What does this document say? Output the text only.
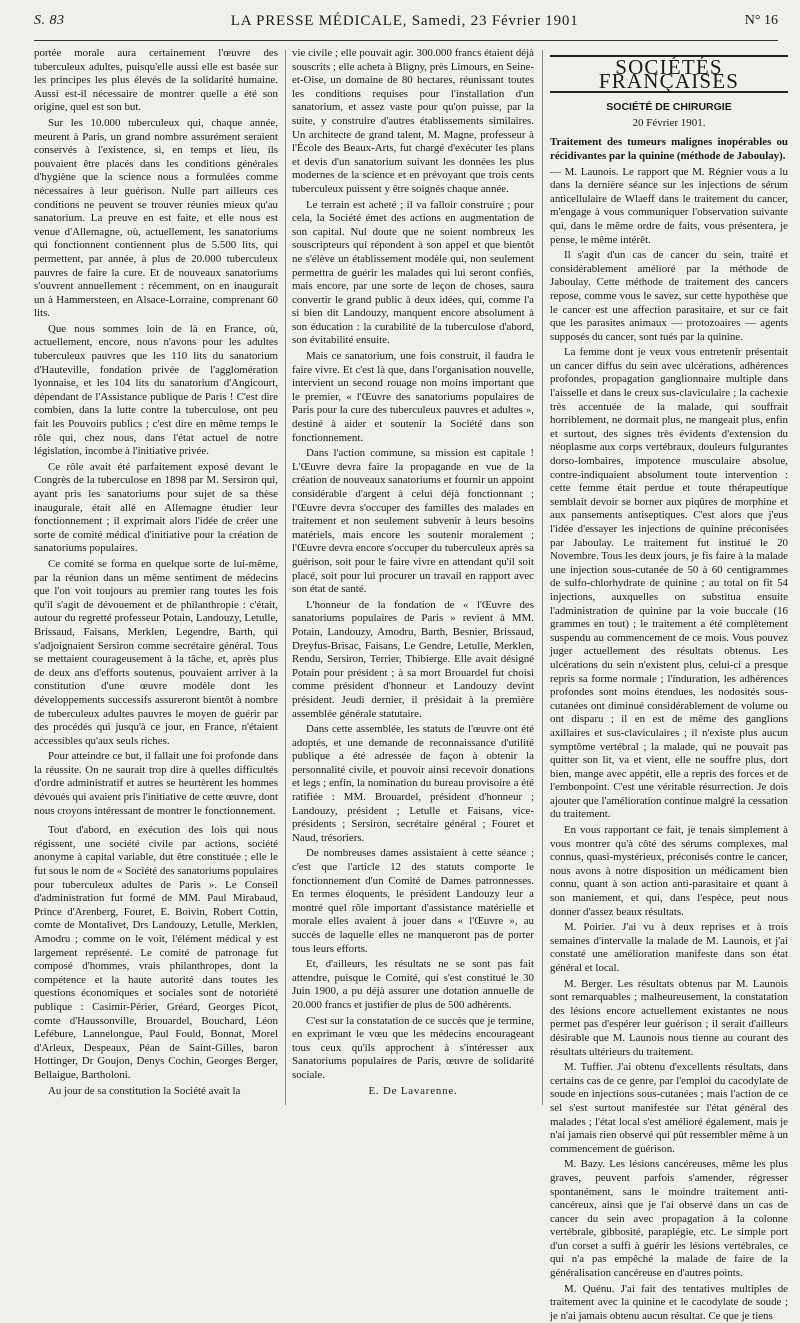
S. 83	LA PRESSE MÉDICALE, Samedi, 23 Février 1901	N° 16

portée morale aura certainement l'œuvre des tuberculeux adultes, puisqu'elle aussi elle est basée sur les principes les plus élevés de la solidarité humaine. Aussi est-il nécessaire de montrer quelle a été son origine, quel est son but.

Sur les 10.000 tuberculeux qui, chaque année, meurent à Paris, un grand nombre assurément seraient conservés à l'existence, si, en temps et lieu, ils pouvaient être placés dans les conditions générales d'hygiène que la science nous a formulées comme nécessaires à leur guérison. Nulle part ailleurs ces conditions ne peuvent se trouver réunies mieux qu'au sanatorium. La preuve en est faite, et elle nous est venue d'Allemagne, où, actuellement, les sanatoriums qui fonctionnent contiennent plus de 5.500 lits, qui permettent, par année, à plus de 20.000 tuberculeux pauvres de faire la cure. Et de nouveaux sanatoriums s'ouvrent annuellement : récemment, on en inaugurait un à Hammersteen, en Alsace-Lorraine, comprenant 60 lits.

Que nous sommes loin de là en France, où, actuellement, encore, nous n'avons pour les adultes tuberculeux pauvres que les 110 lits du sanatorium d'Hauteville, fondation privée de l'agglomération lyonnaise, et les 104 lits du sanatorium d'Angicourt, dépendant de l'Assistance publique de Paris ! C'est dire combien, dans la lutte contre la tuberculose, ont peu fait les Pouvoirs publics ; c'est dire en même temps le rôle qui, chez nous, dans l'état actuel de notre législation, incombe à l'initiative privée.

Ce rôle avait été parfaitement exposé devant le Congrès de la tuberculose en 1898 par M. Sersiron qui, ayant pris les sanatoriums pour sujet de sa thèse inaugurale, était allé en Allemagne étudier leur fonctionnement ; il exprimait alors l'idée de créer une sorte de comité médical d'initiative pour la création de sanatoriums populaires.

Ce comité se forma en quelque sorte de lui-même, par la réunion dans un même sentiment de médecins que l'on voit toujours au premier rang toutes les fois qu'il s'agit de dévouement et de philanthropie : c'était, autour du regretté professeur Potain, Landouzy, Letulle, Brissaud, Faisans, Merklen, Legendre, Barth, qui s'adjoignaient Sersiron comme secrétaire général. Tous se mettaient courageusement à la tâche, et, après plus de deux ans d'efforts soutenus, pouvaient arriver à la constitution d'une œuvre modèle dont les développements successifs assureront bientôt à nombre de tuberculeux adultes pauvres le moyen de guérir par des procédés qui jusqu'à ce jour, en France, n'étaient accessibles qu'aux seuls riches.

Pour atteindre ce but, il fallait une foi profonde dans la réussite. On ne saurait trop dire à quelles difficultés d'ordre administratif et autres se heurtèrent les hommes dévoués qui avaient pris l'initiative de cette œuvre, dont nous croyons intéressant de montrer le fonctionnement.

Tout d'abord, en exécution des lois qui nous régissent, une société civile par actions, société anonyme à capital variable, dut être constituée ; elle le fut sous le nom de « Société des sanatoriums populaires pour tuberculeux adultes de Paris ». Le Conseil d'administration fut formé de MM. Paul Mirabaud, Prince d'Arenberg, Fouret, E. Boivin, Robert Cottin, comte de Montalivet, Drs Landouzy, Letulle, Merklen, Amodru ; comme on le voit, l'élément médical y est largement représenté. Le comité de patronage fut composé d'hommes, vrais philanthropes, dont la compétence et la haute autorité dans toutes les questions économiques et sociales sont de notoriété publique : Casimir-Périer, Gréard, Georges Picot, comte d'Haussonville, Brouardel, Bouchard, Léon Lefébure, Lannelongue, Paul Fould, Bonnat, Morel d'Arleux, Despeaux, Péan de Saint-Gilles, baron Hottinger, Dr Goujon, Denys Cochin, Georges Berger, Bellaigue, Bartholoni.

Au jour de sa constitution la Société avait la

vie civile ; elle pouvait agir. 300.000 francs étaient déjà souscrits ; elle acheta à Bligny, près Limours, en Seine-et-Oise, un domaine de 80 hectares, réunissant toutes les conditions requises pour l'installation d'un sanatorium, et assez vaste pour qu'on puisse, par la suite, y construire d'autres établissements similaires. Un architecte de grand talent, M. Magne, professeur à l'École des Beaux-Arts, fut chargé d'exécuter les plans et devis d'un sanatorium suivant les données les plus modernes de la science et en prévoyant que trois cents tuberculeux puissent y être soignés chaque année.

Le terrain est acheté ; il va falloir construire ; pour cela, la Société émet des actions en augmentation de son capital. Nul doute que ne soient nombreux les souscripteurs qui répondent à son appel et que bientôt ne s'élève un établissement modèle qui, non seulement permettra de guérir les malades qui lui seront confiés, mais encore, par une sorte de leçon de choses, saura convertir le grand public à deux idées, qui, comme l'a si bien dit Landouzy, manquent encore absolument à son éducation : la curabilité de la tuberculose d'abord, son évitabilité ensuite.

Mais ce sanatorium, une fois construit, il faudra le faire vivre. Et c'est là que, dans l'organisation nouvelle, intervient un second rouage non moins important que le premier, « l'Œuvre des sanatoriums populaires de Paris pour la cure des tuberculeux pauvres et adultes », destiné à aider et soutenir la Société dans son fonctionnement.

Dans l'action commune, sa mission est capitale ! L'Œuvre devra faire la propagande en vue de la création de nouveaux sanatoriums et fournir un appoint considérable d'argent à celui déjà fonctionnant ; l'Œuvre devra s'occuper des familles des malades en traitement et non seulement subvenir à leurs besoins matériels, mais encore les soutenir moralement ; l'Œuvre devra encore s'occuper du tuberculeux après sa guérison, soit pour le faire vivre en attendant qu'il soit placé, soit pour lui procurer un travail en rapport avec son état de santé.

L'honneur de la fondation de « l'Œuvre des sanatoriums populaires de Paris » revient à MM. Potain, Landouzy, Amodru, Barth, Besnier, Brissaud, Dreyfus-Brisac, Faisans, Le Gendre, Letulle, Merklen, Rendu, Sersiron, Terrier, Thibierge. Elle avait désigné Potain pour président ; à sa mort Brouardel fut choisi comme président d'honneur et Landouzy devint président. Jeudi dernier, il présidait à la première assemblée générale statutaire.

Dans cette assemblée, les statuts de l'œuvre ont été adoptés, et une demande de reconnaissance d'utilité publique a été adressée de façon à obtenir la personnalité civile, et pouvoir ainsi recevoir donations et legs ; enfin, la nomination du bureau provisoire a été ratifiée : MM. Brouardel, président d'honneur ; Landouzy, président ; Letulle et Faisans, vice-présidents ; Sersiron, secrétaire général ; Fouret et Naud, trésoriers.

De nombreuses dames assistaient à cette séance ; c'est que l'article 12 des statuts comporte le fonctionnement d'un Comité de Dames patronnesses. En termes éloquents, le président Landouzy leur a montré quel rôle important d'assistance matérielle et morale elles avaient à jouer dans « l'Œuvre », au succès de laquelle elles ne manqueront pas de porter tous leurs efforts.

Et, d'ailleurs, les résultats ne se sont pas fait attendre, puisque le Comité, qui s'est constitué le 30 Juin 1900, a pu déjà assurer une dotation annuelle de 20.000 francs et justifier de plus de 500 adhérents.

C'est sur la constatation de ce succès que je termine, en exprimant le vœu que les médecins encourageant tous ceux qu'ils approchent à s'intéresser aux Sanatoriums populaires de Paris, œuvre de solidarité sociale.

E. De Lavarenne.

SOCIÉTÉS FRANÇAISES
SOCIÉTÉ DE CHIRURGIE
20 Février 1901.

Traitement des tumeurs malignes inopérables ou récidivantes par la quinine (méthode de Jaboulay).

— M. Launois. Le rapport que M. Régnier vous a lu dans la dernière séance sur les injections de sérum anticellulaire de Wlaeff dans le traitement du cancer, m'engage à vous communiquer l'observation suivante qui, dans le même ordre de faits, vous présentera, je pense, le même intérêt.

Il s'agit d'un cas de cancer du sein, traité et considérablement amélioré par la méthode de Jaboulay. Cette méthode de traitement des cancers repose, comme vous le savez, sur cette hypothèse que le cancer est une affection parasitaire, et sur ce fait que les parasites animaux — protozoaires — agents supposés du cancer, sont tués par la quinine.

La femme dont je veux vous entretenir présentait un cancer diffus du sein avec ulcérations, adhérences profondes, propagation ganglionnaire multiple dans l'aisselle et dans le creux sus-claviculaire ; la cachexie très accentuée de la malade, qui souffrait horriblement, ne dormait plus, ne mangeait plus, enfin et surtout, des signes très évidents d'extension du néoplasme aux corps vertébraux, douleurs fulgurantes dorso-lombaires, impotence musculaire absolue, contre-indiquaient absolument toute intervention : cette femme était perdue et toute thérapeutique semblait devoir se borner aux piqûres de morphine et aux pansements antiseptiques. C'est alors que j'eus l'idée d'essayer les injections de quinine préconisées par Jaboulay. Le traitement fut institué le 20 Novembre. Tous les deux jours, je fis faire à la malade une injection sous-cutanée de 50 à 60 centigrammes de sulfo-chlorhydrate de quinine ; au total on fit 54 injections, auxquelles on substitua ensuite l'administration de quinine par la voie buccale (16 grammes en tout) ; le traitement a été complètement suspendu au commencement de ce mois. Vous pouvez juger actuellement des résultats obtenus. Les ulcérations du sein n'existent plus, celui-ci a presque repris sa forme normale ; l'induration, les adhérences profondes sont moins étendues, les nodosités sous-cutanées ont diminué considérablement de volume ou ont disparu ; il en est de même des ganglions axillaires et sus-claviculaires ; il n'existe plus aucun symptôme vertébral ; la malade, qui ne pouvait pas quitter son lit, va et vient, elle ne souffre plus, dort bien, mange avec appétit, elle a repris des forces et de l'embonpoint. C'est une véritable résurrection. Je dois ajouter que l'amélioration continue malgré la cessation du traitement.

En vous rapportant ce fait, je tenais simplement à vous montrer qu'à côté des sérums complexes, mal connus, quasi-mystérieux, préconisés contre le cancer, nous avons à notre disposition un médicament bien connu, quant à son action anti-parasitaire et quant à son maniement, et qui, dans l'espèce, peut nous donner d'assez beaux résultats.

M. Poirier. J'ai vu à deux reprises et à trois semaines d'intervalle la malade de M. Launois, et j'ai constaté une amélioration manifeste dans son état général et local.

M. Berger. Les résultats obtenus par M. Launois sont remarquables ; malheureusement, la constatation des lésions encore actuellement existantes ne nous permet pas d'espérer leur guérison ; il serait d'ailleurs désirable que M. Launois nous tienne au courant des résultats ultérieurs du traitement.

M. Tuffier. J'ai obtenu d'excellents résultats, dans certains cas de ce genre, par l'emploi du cacodylate de soude en injections sous-cutanées ; mais l'action de ce sel s'est surtout manifestée sur l'état général des malades ; l'état local s'est amélioré également, mais je n'ai jamais rien observé qui pût ressembler même à un commencement de guérison.

M. Bazy. Les lésions cancéreuses, même les plus graves, peuvent parfois s'amender, régresser spontanément, sans le moindre traitement anti-cancéreux, ainsi que je l'ai observé dans un cas de cancer du sein avec propagation à la colonne vertébrale, gibbosité, paraplégie, etc. Le simple port d'un corset a suffi à guérir les lésions vertébrales, ce qui n'a pas empêché la malade de faire de la généralisation cancéreuse en d'autres points.

M. Quénu. J'ai fait des tentatives multiples de traitement avec la quinine et le cacodylate de soude ; je n'ai jamais obtenu aucun résultat. Ce que je tiens
